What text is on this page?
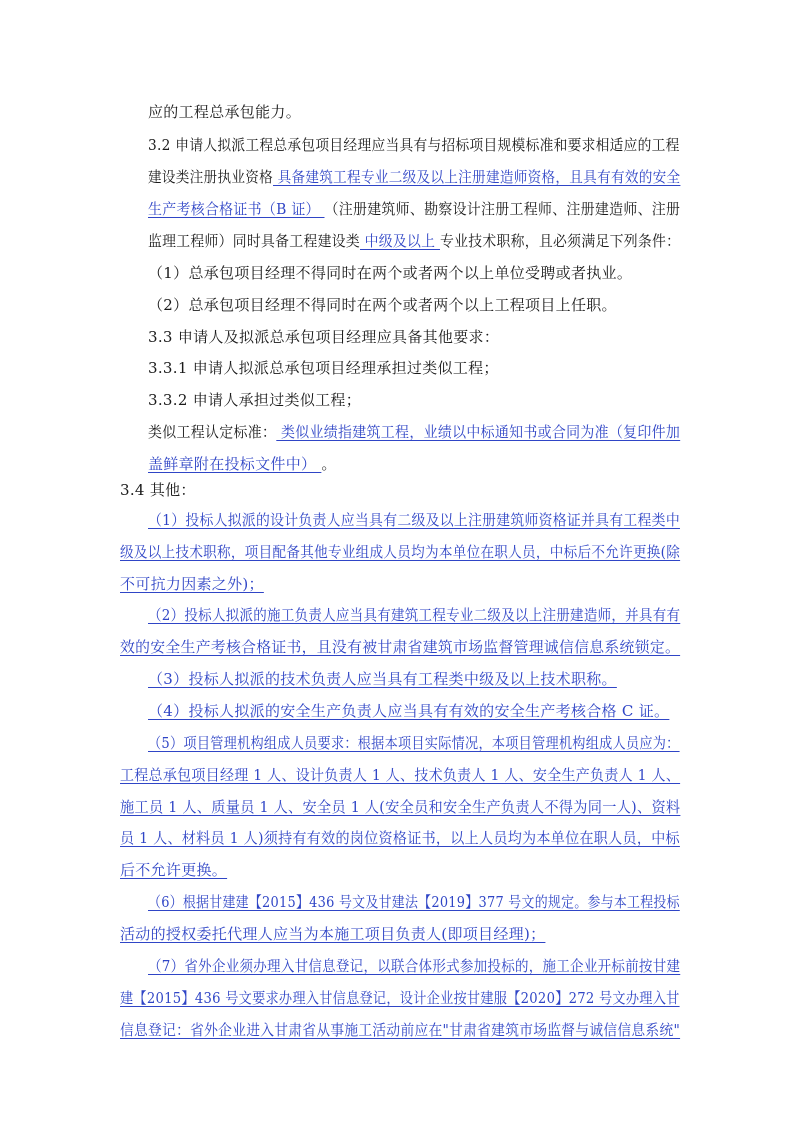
应的工程总承包能力。
3.2 申请人拟派工程总承包项目经理应当具有与招标项目规模标准和要求相适应的工程
建设类注册执业资格 具备建筑工程专业二级及以上注册建造师资格，且具有有效的安全
生产考核合格证书（B 证） （注册建筑师、勘察设计注册工程师、注册建造师、注册
监理工程师）同时具备工程建设类 中级及以上 专业技术职称，且必须满足下列条件：
（1）总承包项目经理不得同时在两个或者两个以上单位受聘或者执业。
（2）总承包项目经理不得同时在两个或者两个以上工程项目上任职。
3.3 申请人及拟派总承包项目经理应具备其他要求：
3.3.1 申请人拟派总承包项目经理承担过类似工程；
3.3.2 申请人承担过类似工程；
类似工程认定标准： 类似业绩指建筑工程，业绩以中标通知书或合同为准（复印件加
盖鲜章附在投标文件中） 。
3.4 其他：
（1）投标人拟派的设计负责人应当具有二级及以上注册建筑师资格证并具有工程类中
级及以上技术职称，项目配备其他专业组成人员均为本单位在职人员，中标后不允许更换(除
不可抗力因素之外)；
（2）投标人拟派的施工负责人应当具有建筑工程专业二级及以上注册建造师，并具有有
效的安全生产考核合格证书，且没有被甘肃省建筑市场监督管理诚信信息系统锁定。
（3）投标人拟派的技术负责人应当具有工程类中级及以上技术职称。
（4）投标人拟派的安全生产负责人应当具有有效的安全生产考核合格 C 证。
（5）项目管理机构组成人员要求：根据本项目实际情况，本项目管理机构组成人员应为：
工程总承包项目经理 1 人、设计负责人 1 人、技术负责人 1 人、安全生产负责人 1 人、
施工员 1 人、质量员 1 人、安全员 1 人(安全员和安全生产负责人不得为同一人)、资料
员 1 人、材料员 1 人)须持有有效的岗位资格证书，以上人员均为本单位在职人员，中标
后不允许更换。
（6）根据甘建建【2015】436 号文及甘建法【2019】377 号文的规定。参与本工程投标
活动的授权委托代理人应当为本施工项目负责人(即项目经理)；
（7）省外企业须办理入甘信息登记，以联合体形式参加投标的，施工企业开标前按甘建
建【2015】436 号文要求办理入甘信息登记，设计企业按甘建服【2020】272 号文办理入甘
信息登记：省外企业进入甘肃省从事施工活动前应在"甘肃省建筑市场监督与诚信信息系统"
